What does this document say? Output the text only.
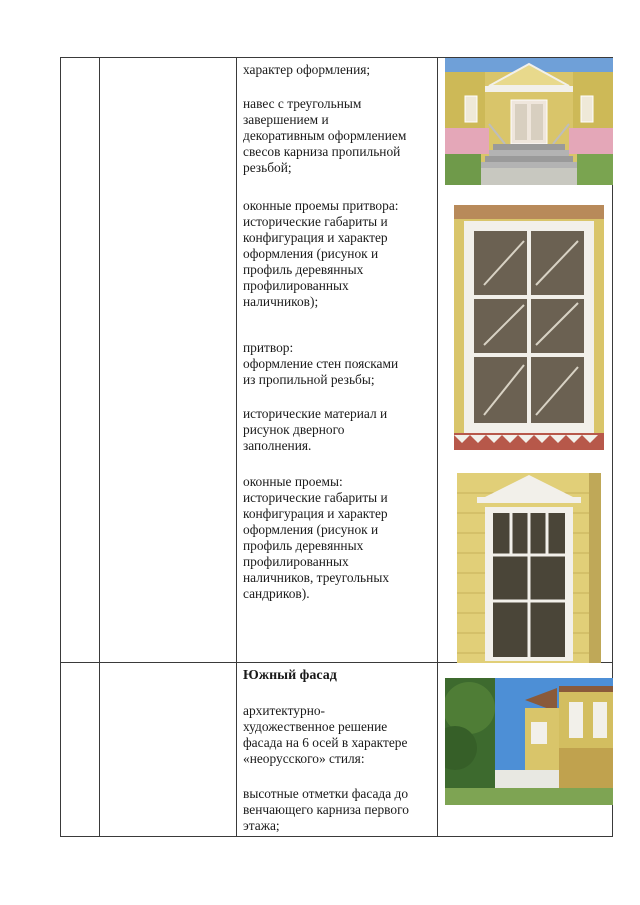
характер оформления;
навес с треугольным
завершением и
декоративным оформлением
свесов карниза пропильной
резьбой;
оконные проемы притвора:
исторические габариты и
конфигурация и характер
оформления (рисунок и
профиль деревянных
профилированных
наличников);
притвор:
оформление стен поясками
из пропильной резьбы;
исторические материал и
рисунок дверного
заполнения.
оконные проемы:
исторические габариты и
конфигурация и характер
оформления (рисунок и
профиль деревянных
профилированных
наличников, треугольных
сандриков).
Южный фасад
архитектурно-
художественное решение
фасада на 6 осей в характере
«неорусского» стиля:
высотные отметки фасада до
венчающего карниза первого
этажа;
